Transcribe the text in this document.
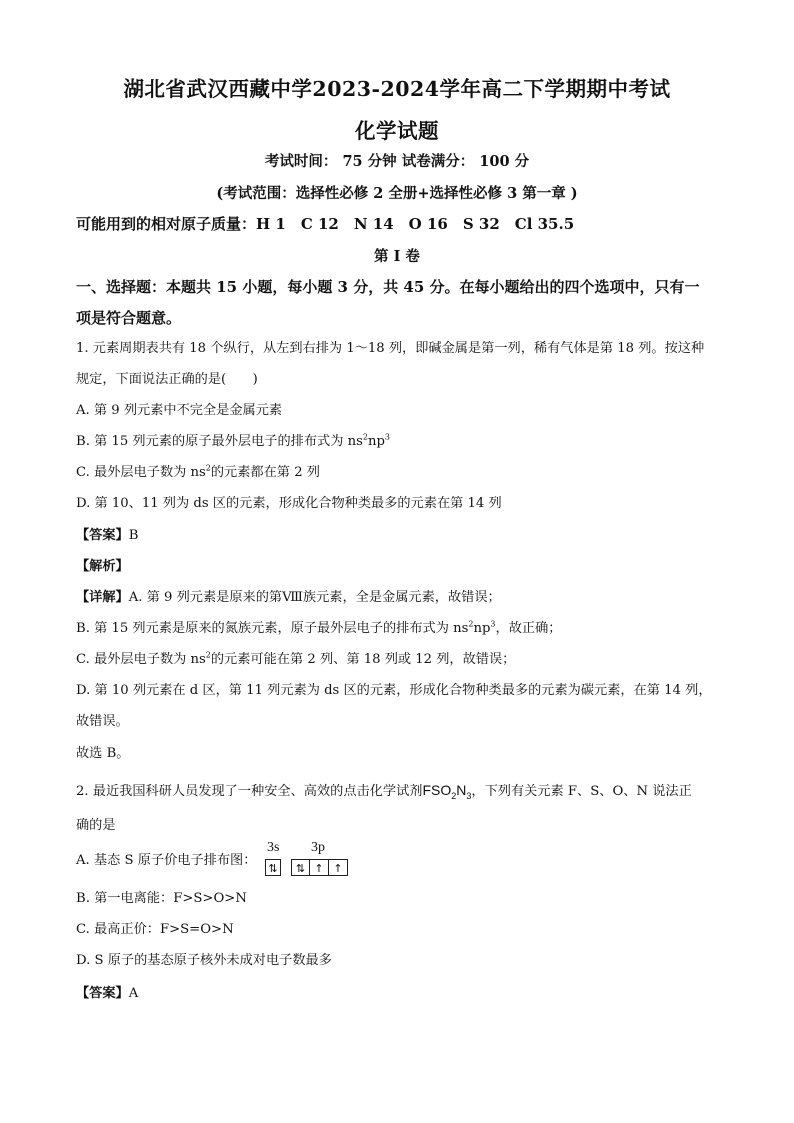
湖北省武汉西藏中学2023-2024学年高二下学期期中考试
化学试题
考试时间： 75 分钟 试卷满分： 100 分
(考试范围：选择性必修 2 全册+选择性必修 3 第一章 )
可能用到的相对原子质量：H 1　C 12　N 14　O 16　S 32　Cl 35.5
第 I 卷
一、选择题：本题共 15 小题，每小题 3 分，共 45 分。在每小题给出的四个选项中，只有一
项是符合题意。
1. 元素周期表共有 18 个纵行，从左到右排为 1～18 列，即碱金属是第一列，稀有气体是第 18 列。按这种
规定，下面说法正确的是(　　)
A. 第 9 列元素中不完全是金属元素
B. 第 15 列元素的原子最外层电子的排布式为 $ns^2np^3$
C. 最外层电子数为 $ns^2$的元素都在第 2 列
D. 第 10、11 列为 ds 区的元素，形成化合物种类最多的元素在第 14 列
【答案】B
【解析】
【详解】A. 第 9 列元素是原来的第Ⅷ族元素，全是金属元素，故错误；
B. 第 15 列元素是原来的氮族元素，原子最外层电子的排布式为 $ns^2np^3$，故正确；
C. 最外层电子数为 $ns^2$的元素可能在第 2 列、第 18 列或 12 列，故错误；
D. 第 10 列元素在 d 区，第 11 列元素为 ds 区的元素，形成化合物种类最多的元素为碳元素，在第 14 列，
故错误。
故选 B。
2. 最近我国科研人员发现了一种安全、高效的点击化学试剂$FSO_2N_3$，下列有关元素 F、S、O、N 说法正
确的是
A. 基态 S 原子价电子排布图：
3s 3p
⇅	⇅ ↑ ↑
B. 第一电离能：F>S>O>N
C. 最高正价：F>S=O>N
D. S 原子的基态原子核外未成对电子数最多
【答案】A
